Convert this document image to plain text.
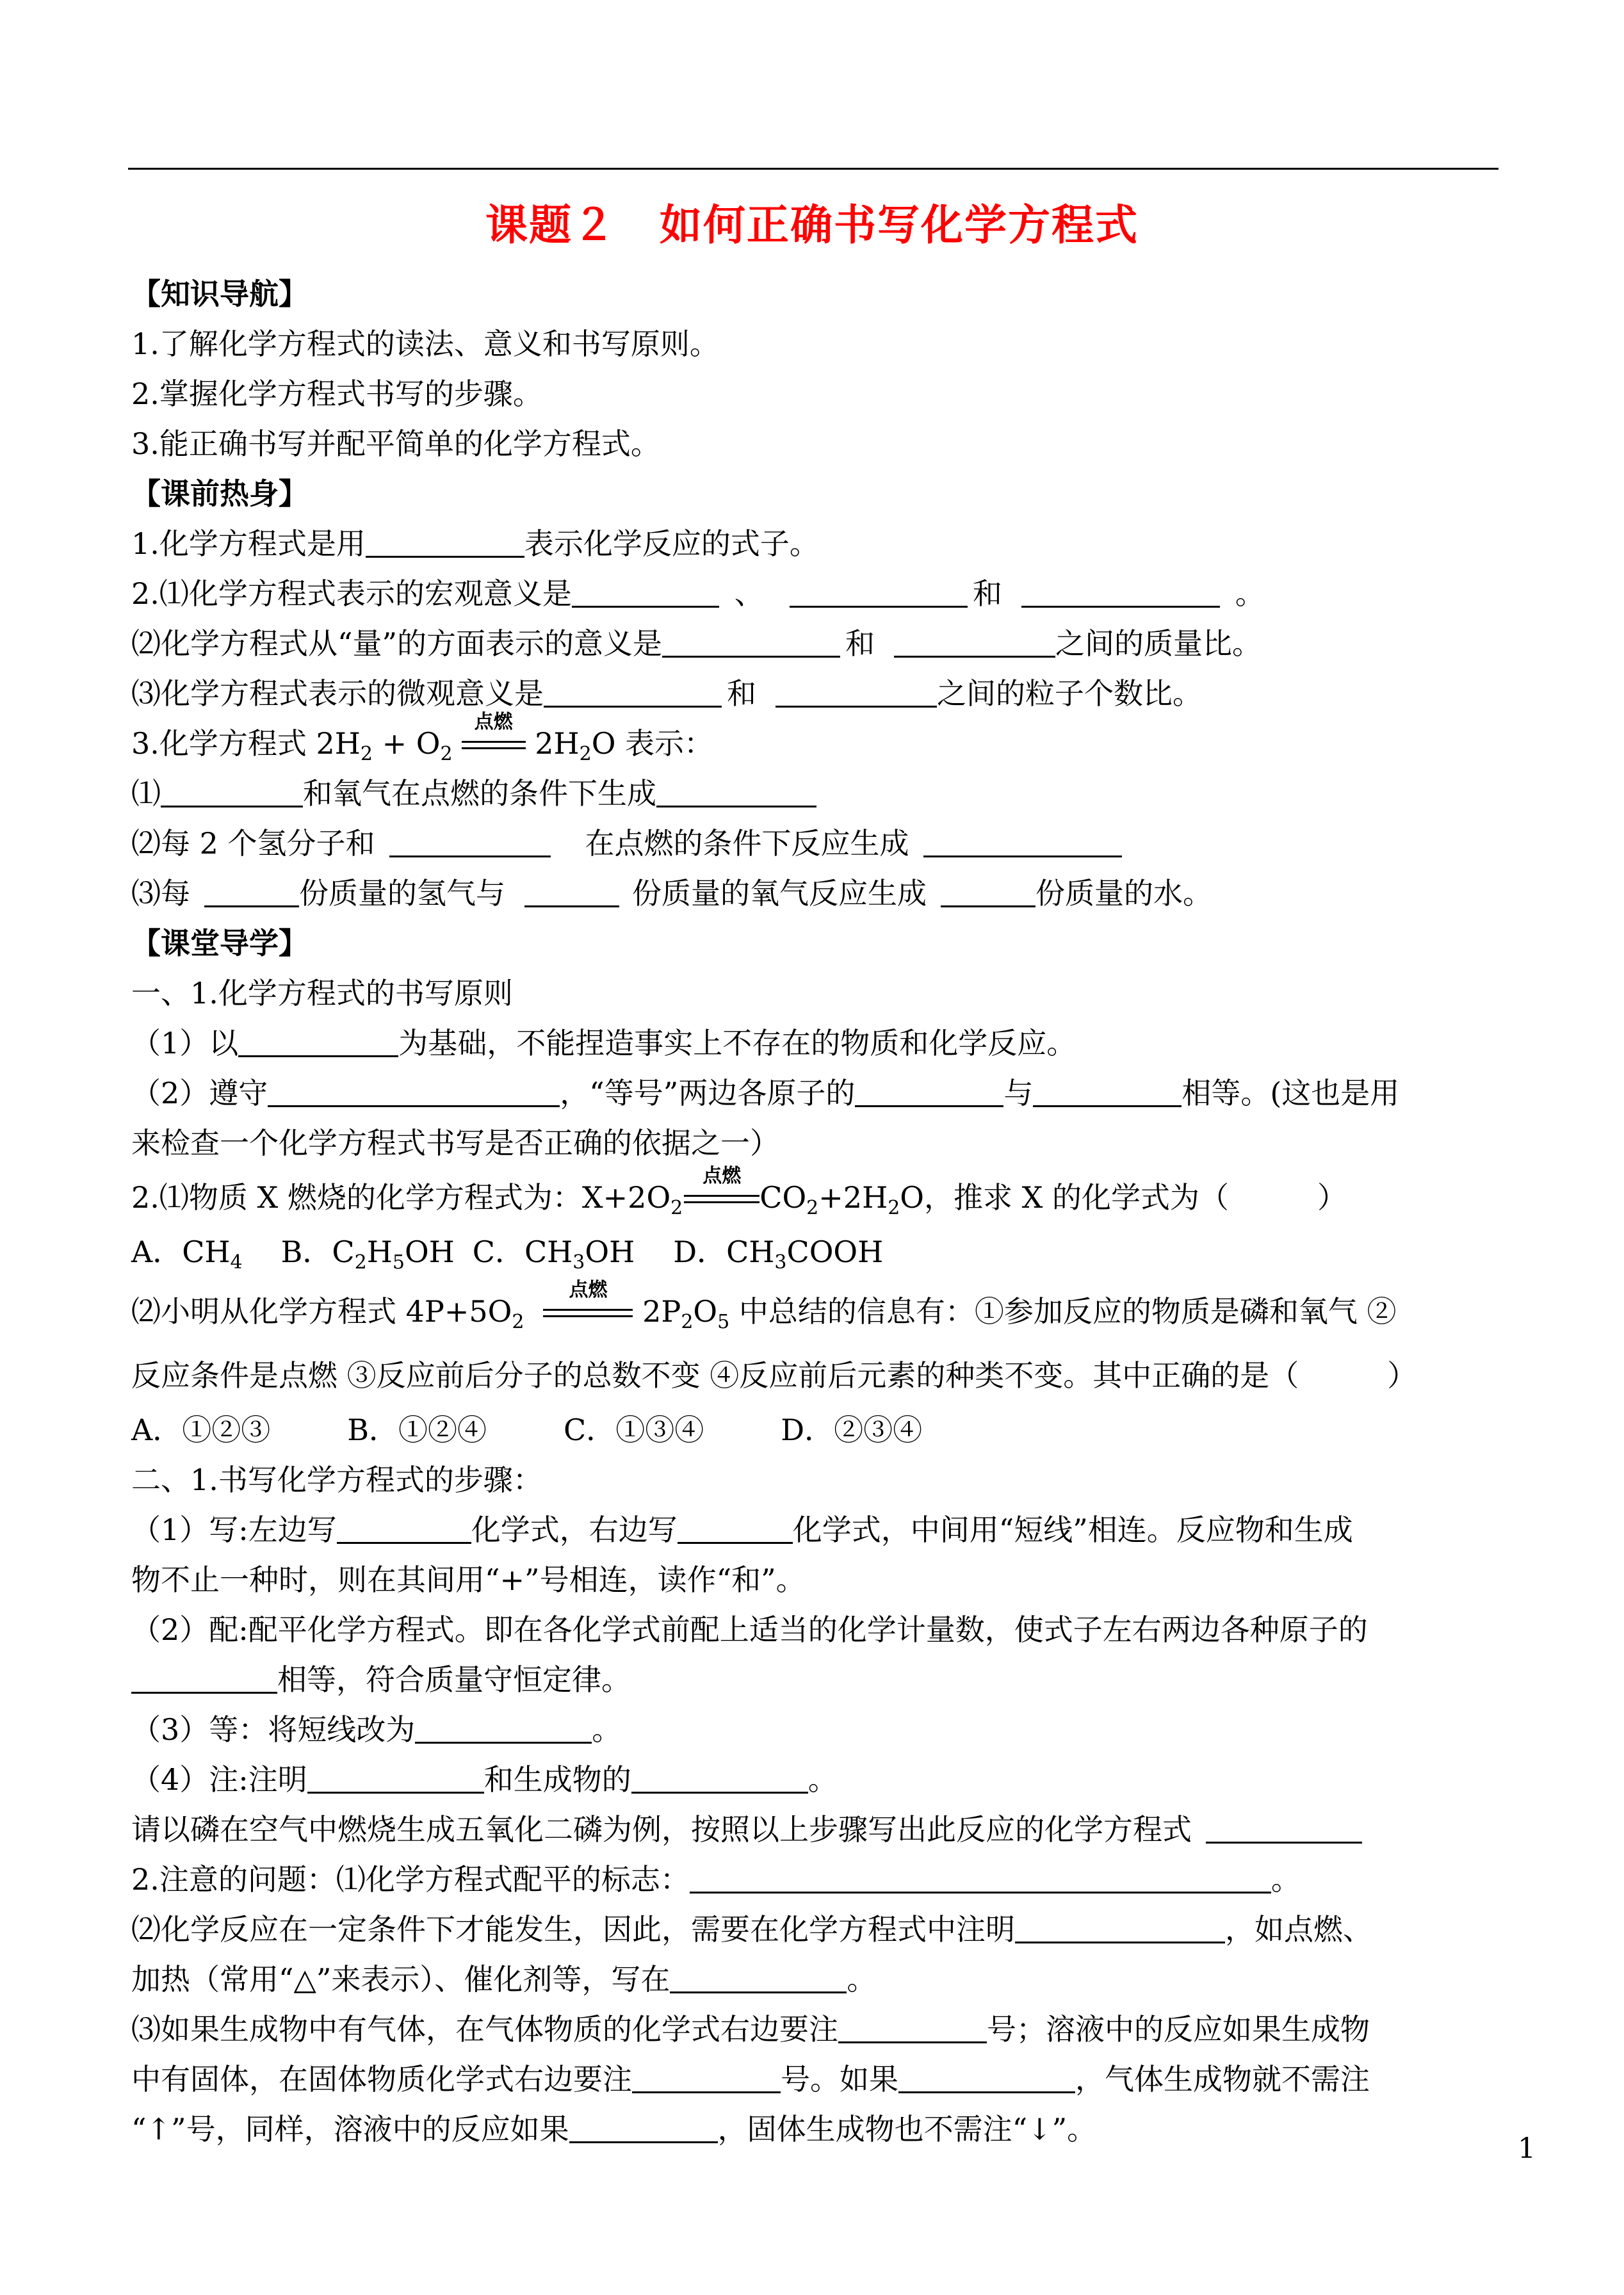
课题２　如何正确书写化学方程式
【知识导航】
1.了解化学方程式的读法、意义和书写原则。
2.掌握化学方程式书写的步骤。
3.能正确书写并配平简单的化学方程式。
【课前热身】
1.化学方程式是用	表示化学反应的式子。
2.⑴化学方程式表示的宏观意义是	、	和	。
⑵化学方程式从“量”的方面表示的意义是	和	之间的质量比。
⑶化学方程式表示的微观意义是	和	之间的粒子个数比。
3.化学方程式 $2H_2 + O_2$
点燃
$2H_2O$ 表示：
⑴	和氧气在点燃的条件下生成
⑵每 2 个氢分子和	在点燃的条件下反应生成
⑶每	份质量的氢气与	份质量的氧气反应生成	份质量的水。
【课堂导学】
一、1.化学方程式的书写原则
（1）以	为基础，不能捏造事实上不存在的物质和化学反应。
（2）遵守	，“等号”两边各原子的	与	相等。(这也是用
来检查一个化学方程式书写是否正确的依据之一）
2.⑴物质 X 燃烧的化学方程式为：$X+2O_2$
点燃
$CO_2+2H_2O$，推求 X 的化学式为（　　　）
A．$CH_4$ B．$C_2H_5OH$ C．$CH_3OH$ D．$CH_3COOH$
⑵小明从化学方程式 $4P+5O_2$
点燃
$2P_2O_5$ 中总结的信息有：①参加反应的物质是磷和氧气 ②
反应条件是点燃 ③反应前后分子的总数不变 ④反应前后元素的种类不变。其中正确的是（　　　）
A．①②③	B．①②④	C．①③④	D．②③④
二、1.书写化学方程式的步骤：
（1）写:左边写	化学式，右边写	化学式，中间用“短线”相连。反应物和生成
物不止一种时，则在其间用“+”号相连，读作“和”。
（2）配:配平化学方程式。即在各化学式前配上适当的化学计量数，使式子左右两边各种原子的
相等，符合质量守恒定律。
（3）等：将短线改为	。
（4）注:注明	和生成物的	。
请以磷在空气中燃烧生成五氧化二磷为例，按照以上步骤写出此反应的化学方程式
2.注意的问题：⑴化学方程式配平的标志：	。
⑵化学反应在一定条件下才能发生，因此，需要在化学方程式中注明	，如点燃、
加热（常用“△”来表示）、催化剂等，写在	。
⑶如果生成物中有气体，在气体物质的化学式右边要注	号；溶液中的反应如果生成物
中有固体，在固体物质化学式右边要注	号。如果	，气体生成物就不需注
“↑”号，同样，溶液中的反应如果	，固体生成物也不需注“↓”。
1
